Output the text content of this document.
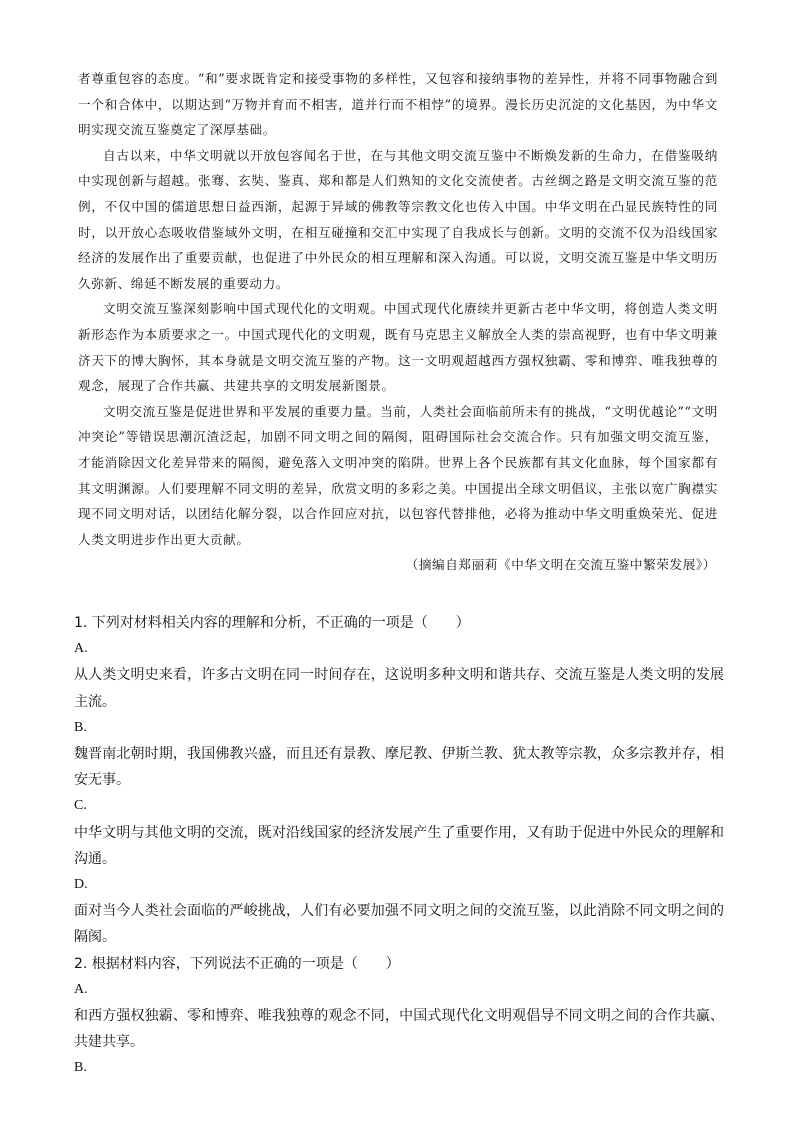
者尊重包容的态度。“和”要求既肯定和接受事物的多样性，又包容和接纳事物的差异性，并将不同事物融合到一个和合体中，以期达到“万物并育而不相害，道并行而不相悖”的境界。漫长历史沉淀的文化基因，为中华文明实现交流互鉴奠定了深厚基础。

自古以来，中华文明就以开放包容闻名于世，在与其他文明交流互鉴中不断焕发新的生命力，在借鉴吸纳中实现创新与超越。张骞、玄奘、鉴真、郑和都是人们熟知的文化交流使者。古丝绸之路是文明交流互鉴的范例，不仅中国的儒道思想日益西渐，起源于异域的佛教等宗教文化也传入中国。中华文明在凸显民族特性的同时，以开放心态吸收借鉴域外文明，在相互碰撞和交汇中实现了自我成长与创新。文明的交流不仅为沿线国家经济的发展作出了重要贡献，也促进了中外民众的相互理解和深入沟通。可以说，文明交流互鉴是中华文明历久弥新、绵延不断发展的重要动力。

文明交流互鉴深刻影响中国式现代化的文明观。中国式现代化赓续并更新古老中华文明，将创造人类文明新形态作为本质要求之一。中国式现代化的文明观，既有马克思主义解放全人类的崇高视野，也有中华文明兼济天下的博大胸怀，其本身就是文明交流互鉴的产物。这一文明观超越西方强权独霸、零和博弈、唯我独尊的观念，展现了合作共赢、共建共享的文明发展新图景。

文明交流互鉴是促进世界和平发展的重要力量。当前，人类社会面临前所未有的挑战，“文明优越论”“文明冲突论”等错误思潮沉渣泛起，加剧不同文明之间的隔阂，阻碍国际社会交流合作。只有加强文明交流互鉴，才能消除因文化差异带来的隔阂，避免落入文明冲突的陷阱。世界上各个民族都有其文化血脉，每个国家都有其文明渊源。人们要理解不同文明的差异，欣赏文明的多彩之美。中国提出全球文明倡议，主张以宽广胸襟实现不同文明对话，以团结化解分裂，以合作回应对抗，以包容代替排他，必将为推动中华文明重焕荣光、促进人类文明进步作出更大贡献。

（摘编自郑丽莉《中华文明在交流互鉴中繁荣发展》）

1. 下列对材料相关内容的理解和分析，不正确的一项是（　　）

A.

从人类文明史来看，许多古文明在同一时间存在，这说明多种文明和谐共存、交流互鉴是人类文明的发展主流。

B.

魏晋南北朝时期，我国佛教兴盛，而且还有景教、摩尼教、伊斯兰教、犹太教等宗教，众多宗教并存，相安无事。

C.

中华文明与其他文明的交流，既对沿线国家的经济发展产生了重要作用，又有助于促进中外民众的理解和沟通。

D.

面对当今人类社会面临的严峻挑战，人们有必要加强不同文明之间的交流互鉴，以此消除不同文明之间的隔阂。

2. 根据材料内容，下列说法不正确的一项是（　　）

A.

和西方强权独霸、零和博弈、唯我独尊的观念不同，中国式现代化文明观倡导不同文明之间的合作共赢、共建共享。

B.
